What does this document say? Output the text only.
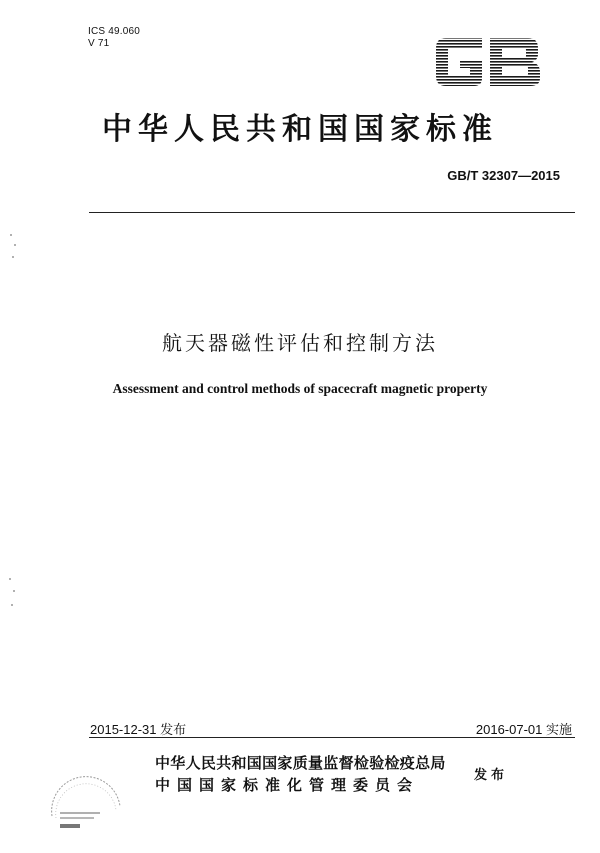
ICS 49.060
V 71
中华人民共和国国家标准
GB/T 32307—2015
航天器磁性评估和控制方法
Assessment and control methods of spacecraft magnetic property
2015-12-31 发布	2016-07-01 实施
中华人民共和国国家质量监督检验检疫总局
中国国家标准化管理委员会
发布
